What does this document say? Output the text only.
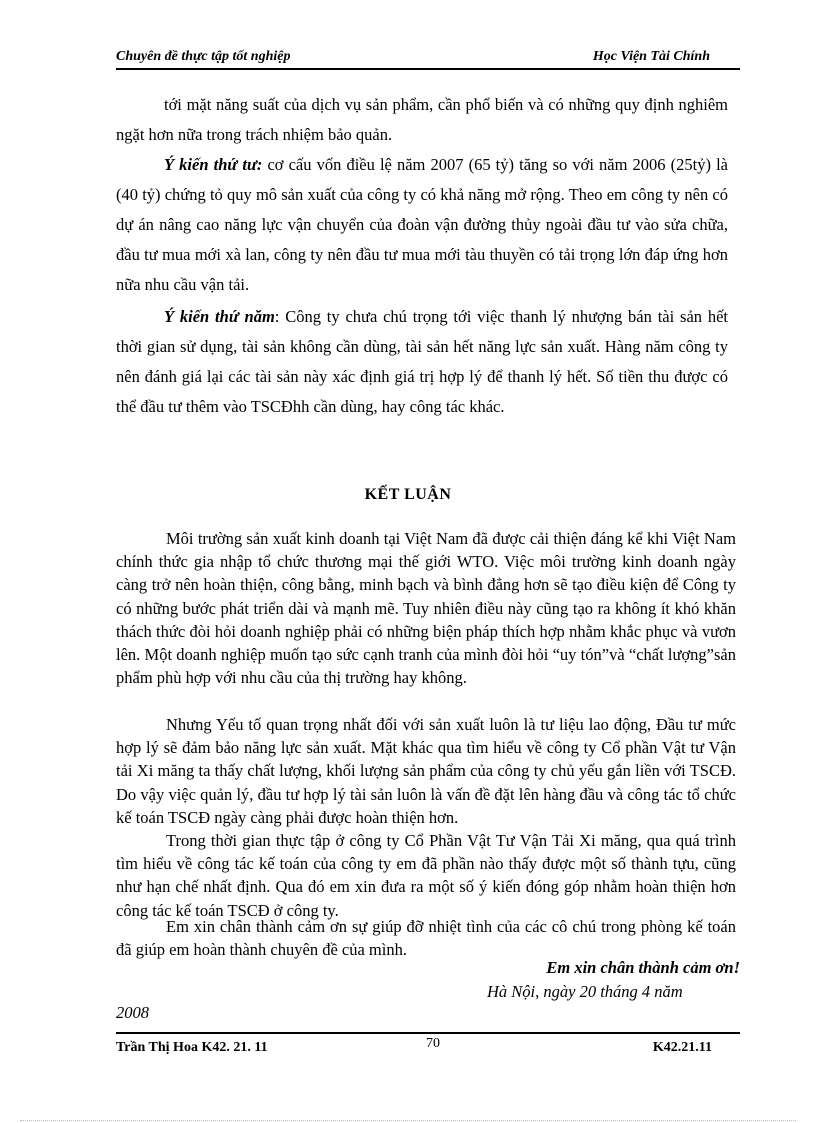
Chuyên đề thực tập tốt nghiệp	Học Viện Tài Chính

tới mặt năng suất của dịch vụ sản phẩm, cần phổ biến và có những quy định nghiêm ngặt hơn nữa trong trách nhiệm bảo quản.

Ý kiến thứ tư: cơ cấu vốn điều lệ năm 2007 (65 tỷ) tăng so với năm 2006 (25tỷ) là (40 tỷ) chứng tỏ quy mô sản xuất của công ty có khả năng mở rộng. Theo em công ty nên có dự án nâng cao năng lực vận chuyển của đoàn vận đường thủy ngoài đầu tư vào sửa chữa, đầu tư mua mới xà lan, công ty nên đầu tư mua mới tàu thuyền có tải trọng lớn đáp ứng hơn nữa nhu cầu vận tải.

Ý kiến thứ năm: Công ty chưa chú trọng tới việc thanh lý nhượng bán tài sản hết thời gian sử dụng, tài sản không cần dùng, tài sản hết năng lực sản xuất. Hàng năm công ty nên đánh giá lại các tài sản này xác định giá trị hợp lý để thanh lý hết. Số tiền thu được có thể đầu tư thêm vào TSCĐhh cần dùng, hay công tác khác.

KẾT LUẬN

Môi trường sản xuất kinh doanh tại Việt Nam đã được cải thiện đáng kể khi Việt Nam chính thức gia nhập tổ chức thương mại thế giới WTO. Việc môi trường kinh doanh ngày càng trở nên hoàn thiện, công bằng, minh bạch và bình đẳng hơn sẽ tạo điều kiện để Công ty có những bước phát triển dài và mạnh mẽ. Tuy nhiên điều này cũng tạo ra không ít khó khăn thách thức đòi hỏi doanh nghiệp phải có những biện pháp thích hợp nhằm khắc phục và vươn lên. Một doanh nghiệp muốn tạo sức cạnh tranh của mình đòi hỏi “uy tón”và “chất lượng”sản phẩm phù hợp với nhu cầu của thị trường hay không.

Nhưng Yếu tố quan trọng nhất đối với sản xuất luôn là tư liệu lao động, Đầu tư mức hợp lý sẽ đảm bảo năng lực sản xuất. Mặt khác qua tìm hiểu về công ty Cổ phần Vật tư Vận tải Xi măng ta thấy chất lượng, khối lượng sản phẩm của công ty chủ yếu gắn liền với TSCĐ. Do vậy việc quản lý, đầu tư hợp lý tài sản luôn là vấn đề đặt lên hàng đầu và công tác tổ chức kế toán TSCĐ ngày càng phải được hoàn thiện hơn.

Trong thời gian thực tập ở công ty Cổ Phần Vật Tư Vận Tải Xi măng, qua quá trình tìm hiểu về công tác kế toán của công ty em đã phần nào thấy được một số thành tựu, cũng như hạn chế nhất định. Qua đó em xin đưa ra một số ý kiến đóng góp nhằm hoàn thiện hơn công tác kế toán TSCĐ ở công ty.

Em xin chân thành cảm ơn sự giúp đỡ nhiệt tình của các cô chú trong phòng kế toán đã giúp em hoàn thành chuyên đề của mình.

Em xin chân thành cảm ơn!
Hà Nội, ngày 20 tháng 4 năm
2008
Trần Thị Hoa K42. 21. 11	70	K42.21.11
